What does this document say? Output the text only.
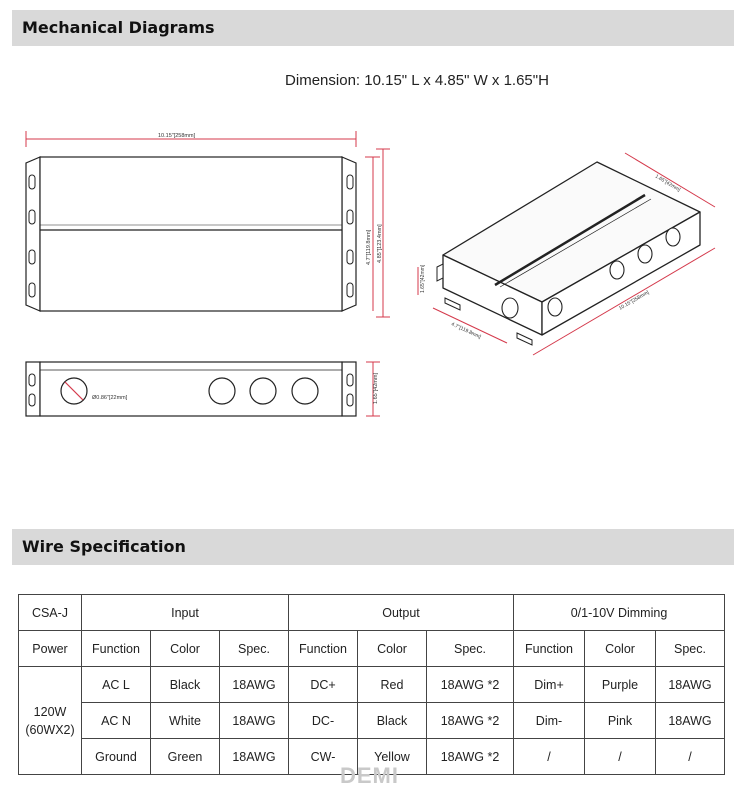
Mechanical Diagrams
Dimension: 10.15" L x 4.85" W x 1.65"H
10.15"[258mm]
4.7"[119.8mm] 4.85"[123.4mm]
1.65"[42mm]
Ø0.86"[22mm]
1.65"[42mm]
1.65"[42mm]
4.7"[119.8mm]
10.15"[258mm]
Wire Specification
CSA-J	Input			Output			0/1-10V Dimming		
Power	Function	Color	Spec.	Function	Color	Spec.	Function	Color	Spec.
120W
(60WX2)	AC L	Black	18AWG	DC+	Red	18AWG *2	Dim+	Purple	18AWG
	AC N	White	18AWG	DC-	Black	18AWG *2	Dim-	Pink	18AWG
	Ground	Green	18AWG	CW-	Yellow	18AWG *2	/	/	/
DEMI
